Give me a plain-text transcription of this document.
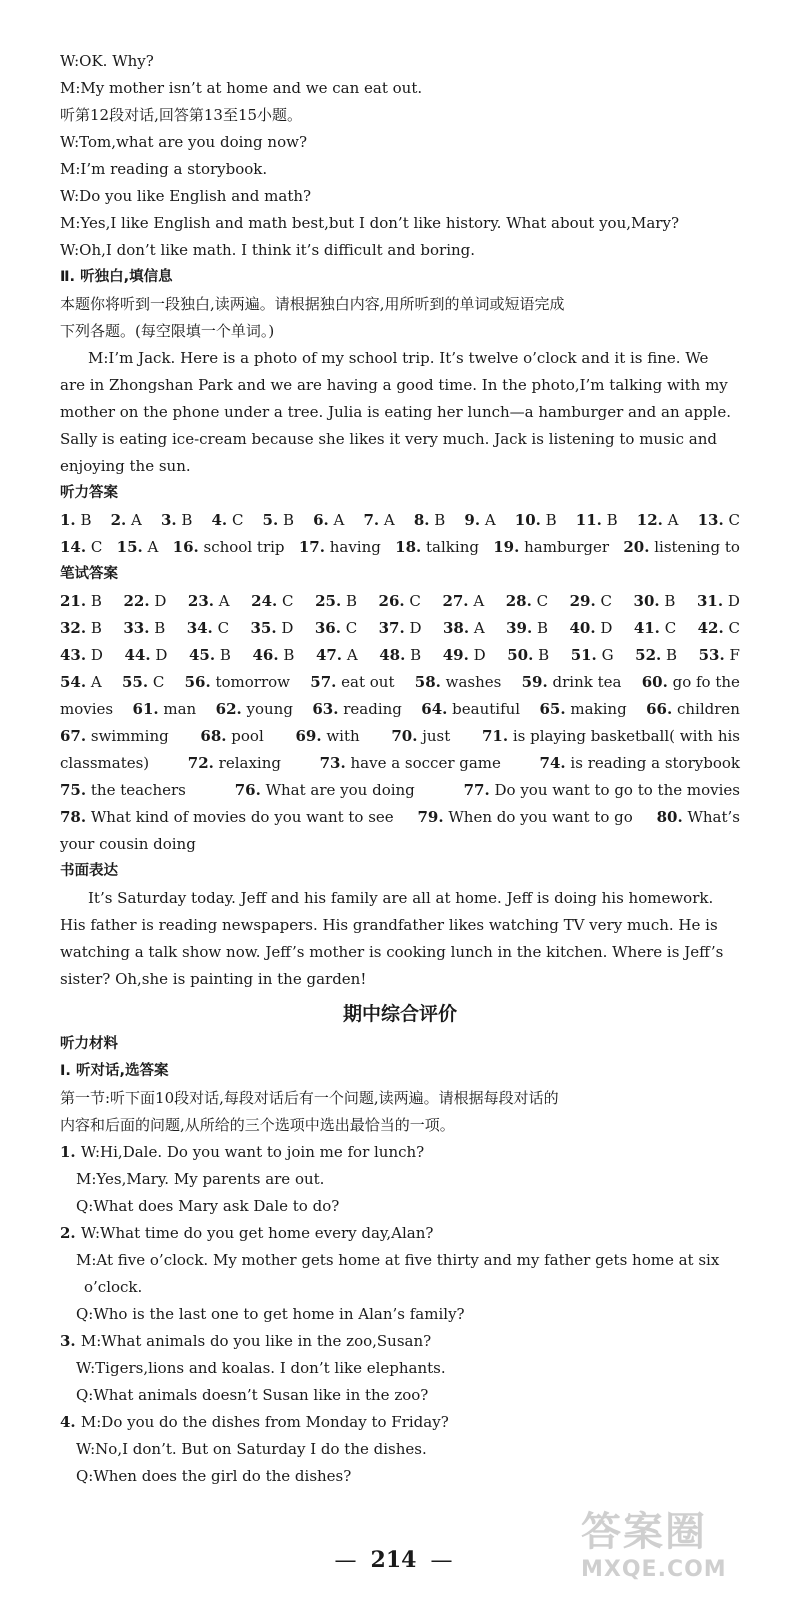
W:OK. Why?
M:My mother isn’t at home and we can eat out.
听第12段对话,回答第13至15小题。
W:Tom,what are you doing now?
M:I’m reading a storybook.
W:Do you like English and math?
M:Yes,I like English and math best,but I don’t like history. What about you,Mary?
W:Oh,I don’t like math. I think it’s difficult and boring.
Ⅱ. 听独白,填信息
本题你将听到一段独白,读两遍。请根据独白内容,用所听到的单词或短语完成
下列各题。(每空限填一个单词。)
M:I’m Jack. Here is a photo of my school trip. It’s twelve o’clock and it is fine. We
are in Zhongshan Park and we are having a good time. In the photo,I’m talking with my
mother on the phone under a tree. Julia is eating her lunch—a hamburger and an apple.
Sally is eating ice-cream because she likes it very much. Jack is listening to music and
enjoying the sun.
听力答案
1. B 2. A 3. B 4. C 5. B 6. A 7. A 8. B 9. A 10. B 11. B 12. A 13. C
14. C 15. A 16. school trip 17. having 18. talking 19. hamburger 20. listening to
笔试答案
21. B 22. D 23. A 24. C 25. B 26. C 27. A 28. C 29. C 30. B 31. D
32. B 33. B 34. C 35. D 36. C 37. D 38. A 39. B 40. D 41. C 42. C
43. D 44. D 45. B 46. B 47. A 48. B 49. D 50. B 51. G 52. B 53. F
54. A 55. C 56. tomorrow 57. eat out 58. washes 59. drink tea 60. go fo the
movies 61. man 62. young 63. reading 64. beautiful 65. making 66. children
67. swimming 68. pool 69. with 70. just 71. is playing basketball( with his
classmates)	72. relaxing	73. have a soccer game	74. is reading a storybook
75. the teachers	76. What are you doing	77. Do you want to go to the movies
78. What kind of movies do you want to see 79. When do you want to go 80. What’s
your cousin doing
书面表达
It’s Saturday today. Jeff and his family are all at home. Jeff is doing his homework.
His father is reading newspapers. His grandfather likes watching TV very much. He is
watching a talk show now. Jeff’s mother is cooking lunch in the kitchen. Where is Jeff’s
sister? Oh,she is painting in the garden!
期中综合评价
听力材料
Ⅰ. 听对话,选答案
第一节:听下面10段对话,每段对话后有一个问题,读两遍。请根据每段对话的
内容和后面的问题,从所给的三个选项中选出最恰当的一项。
1. W:Hi,Dale. Do you want to join me for lunch?
M:Yes,Mary. My parents are out.
Q:What does Mary ask Dale to do?
2. W:What time do you get home every day,Alan?
M:At five o’clock. My mother gets home at five thirty and my father gets home at six
o’clock.
Q:Who is the last one to get home in Alan’s family?
3. M:What animals do you like in the zoo,Susan?
W:Tigers,lions and koalas. I don’t like elephants.
Q:What animals doesn’t Susan like in the zoo?
4. M:Do you do the dishes from Monday to Friday?
W:No,I don’t. But on Saturday I do the dishes.
Q:When does the girl do the dishes?
— 214 —
答案圈
MXQE.COM
